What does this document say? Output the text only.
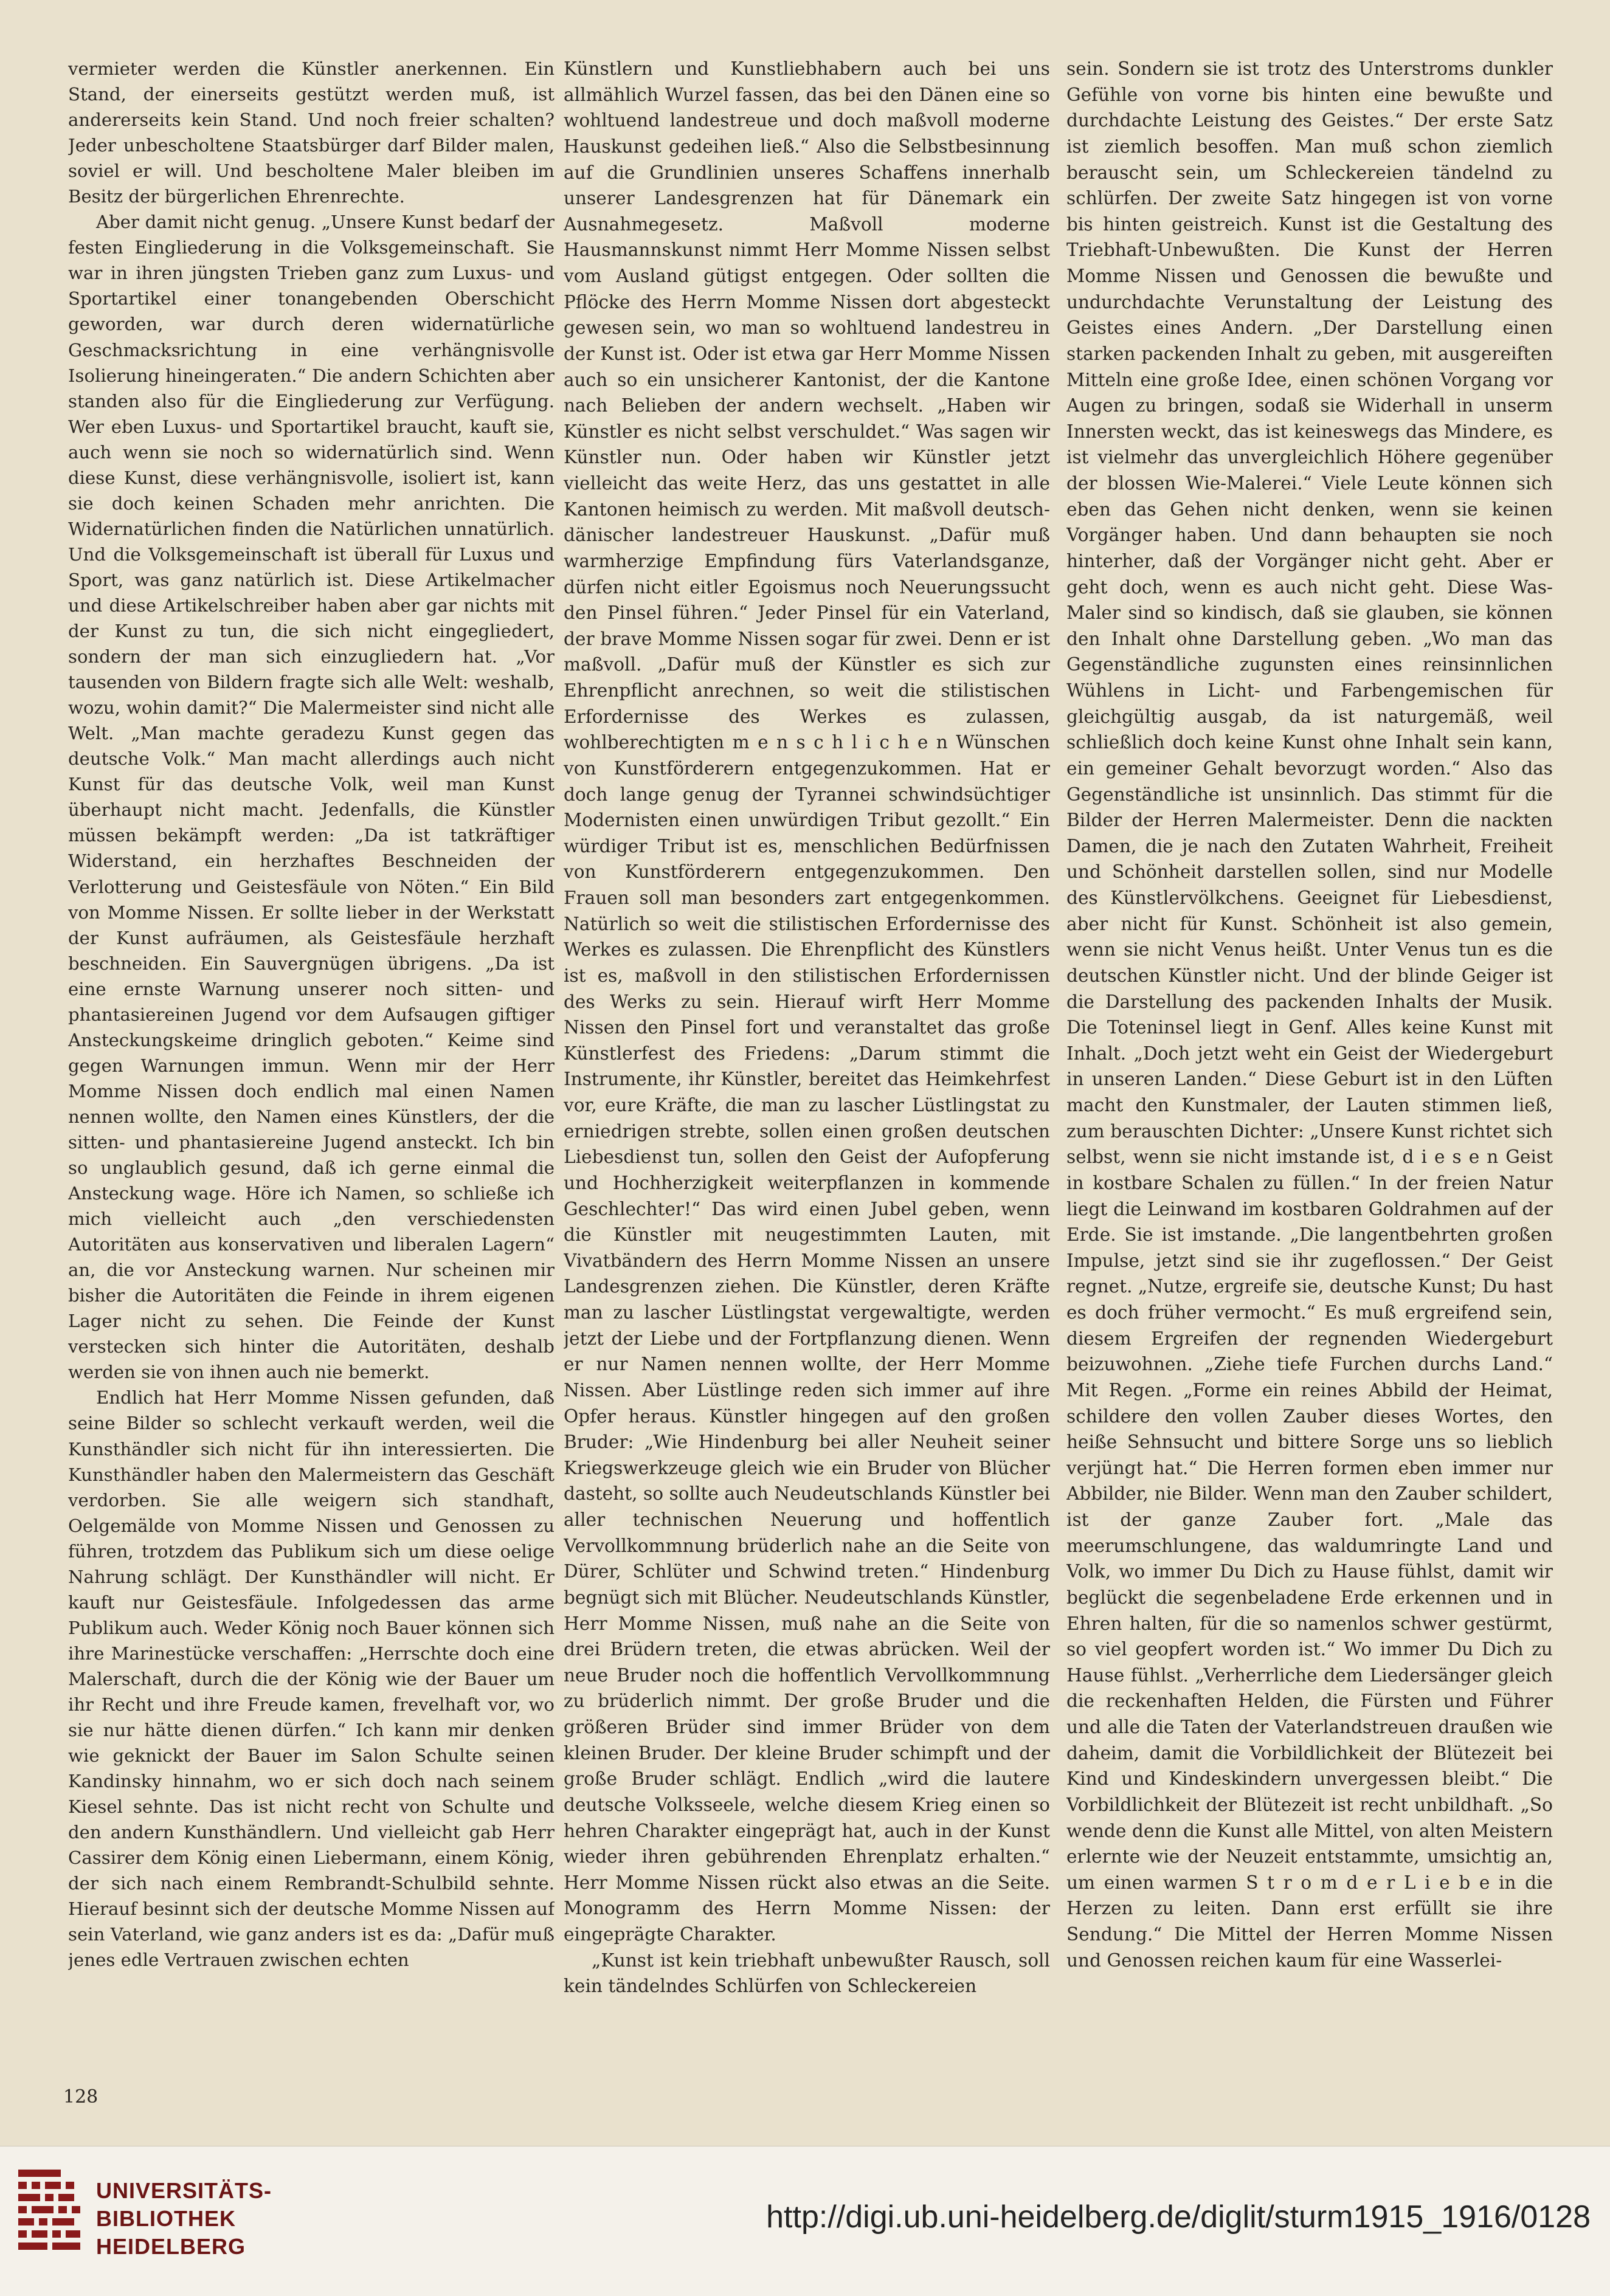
vermieter werden die Künstler anerkennen. Ein Stand, der einerseits gestützt werden muß, ist andererseits kein Stand. Und noch freier schalten? Jeder unbescholtene Staatsbürger darf Bilder malen, soviel er will. Und bescholtene Maler bleiben im Besitz der bürgerlichen Ehrenrechte.

Aber damit nicht genug. „Unsere Kunst bedarf der festen Eingliederung in die Volksgemeinschaft. Sie war in ihren jüngsten Trieben ganz zum Luxus- und Sportartikel einer tonangebenden Oberschicht geworden, war durch deren widernatürliche Geschmacksrichtung in eine verhängnisvolle Isolierung hineingeraten.“ Die andern Schichten aber standen also für die Eingliederung zur Verfügung. Wer eben Luxus- und Sportartikel braucht, kauft sie, auch wenn sie noch so widernatürlich sind. Wenn diese Kunst, diese verhängnisvolle, isoliert ist, kann sie doch keinen Schaden mehr anrichten. Die Widernatürlichen finden die Natürlichen unnatürlich. Und die Volksgemeinschaft ist überall für Luxus und Sport, was ganz natürlich ist. Diese Artikelmacher und diese Artikelschreiber haben aber gar nichts mit der Kunst zu tun, die sich nicht eingegliedert, sondern der man sich einzugliedern hat. „Vor tausenden von Bildern fragte sich alle Welt: weshalb, wozu, wohin damit?“ Die Malermeister sind nicht alle Welt. „Man machte geradezu Kunst gegen das deutsche Volk.“ Man macht allerdings auch nicht Kunst für das deutsche Volk, weil man Kunst überhaupt nicht macht. Jedenfalls, die Künstler müssen bekämpft werden: „Da ist tatkräftiger Widerstand, ein herzhaftes Beschneiden der Verlotterung und Geistesfäule von Nöten.“ Ein Bild von Momme Nissen. Er sollte lieber in der Werkstatt der Kunst aufräumen, als Geistesfäule herzhaft beschneiden. Ein Sauvergnügen übrigens. „Da ist eine ernste Warnung unserer noch sitten- und phantasiereinen Jugend vor dem Aufsaugen giftiger Ansteckungskeime dringlich geboten.“ Keime sind gegen Warnungen immun. Wenn mir der Herr Momme Nissen doch endlich mal einen Namen nennen wollte, den Namen eines Künstlers, der die sitten- und phantasiereine Jugend ansteckt. Ich bin so unglaublich gesund, daß ich gerne einmal die Ansteckung wage. Höre ich Namen, so schließe ich mich vielleicht auch „den verschiedensten Autoritäten aus konservativen und liberalen Lagern“ an, die vor Ansteckung warnen. Nur scheinen mir bisher die Autoritäten die Feinde in ihrem eigenen Lager nicht zu sehen. Die Feinde der Kunst verstecken sich hinter die Autoritäten, deshalb werden sie von ihnen auch nie bemerkt.

Endlich hat Herr Momme Nissen gefunden, daß seine Bilder so schlecht verkauft werden, weil die Kunsthändler sich nicht für ihn interessierten. Die Kunsthändler haben den Malermeistern das Geschäft verdorben. Sie alle weigern sich standhaft, Oelgemälde von Momme Nissen und Genossen zu führen, trotzdem das Publikum sich um diese oelige Nahrung schlägt. Der Kunsthändler will nicht. Er kauft nur Geistesfäule. Infolgedessen das arme Publikum auch. Weder König noch Bauer können sich ihre Marinestücke verschaffen: „Herrschte doch eine Malerschaft, durch die der König wie der Bauer um ihr Recht und ihre Freude kamen, frevelhaft vor, wo sie nur hätte dienen dürfen.“ Ich kann mir denken wie geknickt der Bauer im Salon Schulte seinen Kandinsky hinnahm, wo er sich doch nach seinem Kiesel sehnte. Das ist nicht recht von Schulte und den andern Kunsthändlern. Und vielleicht gab Herr Cassirer dem König einen Liebermann, einem König, der sich nach einem Rembrandt-Schulbild sehnte. Hierauf besinnt sich der deutsche Momme Nissen auf sein Vaterland, wie ganz anders ist es da: „Dafür muß jenes edle Vertrauen zwischen echten

Künstlern und Kunstliebhabern auch bei uns allmählich Wurzel fassen, das bei den Dänen eine so wohltuend landestreue und doch maßvoll moderne Hauskunst gedeihen ließ.“ Also die Selbstbesinnung auf die Grundlinien unseres Schaffens innerhalb unserer Landesgrenzen hat für Dänemark ein Ausnahmegesetz. Maßvoll moderne Hausmannskunst nimmt Herr Momme Nissen selbst vom Ausland gütigst entgegen. Oder sollten die Pflöcke des Herrn Momme Nissen dort abgesteckt gewesen sein, wo man so wohltuend landestreu in der Kunst ist. Oder ist etwa gar Herr Momme Nissen auch so ein unsicherer Kantonist, der die Kantone nach Belieben der andern wechselt. „Haben wir Künstler es nicht selbst verschuldet.“ Was sagen wir Künstler nun. Oder haben wir Künstler jetzt vielleicht das weite Herz, das uns gestattet in alle Kantonen heimisch zu werden. Mit maßvoll deutsch-dänischer landestreuer Hauskunst. „Dafür muß warmherzige Empfindung fürs Vaterlandsganze, dürfen nicht eitler Egoismus noch Neuerungssucht den Pinsel führen.“ Jeder Pinsel für ein Vaterland, der brave Momme Nissen sogar für zwei. Denn er ist maßvoll. „Dafür muß der Künstler es sich zur Ehrenpflicht anrechnen, so weit die stilistischen Erfordernisse des Werkes es zulassen, wohlberechtigten m e n s c h l i c h e n Wünschen von Kunstförderern entgegenzukommen. Hat er doch lange genug der Tyrannei schwindsüchtiger Modernisten einen unwürdigen Tribut gezollt.“ Ein würdiger Tribut ist es, menschlichen Bedürfnissen von Kunstförderern entgegenzukommen. Den Frauen soll man besonders zart entgegenkommen. Natürlich so weit die stilistischen Erfordernisse des Werkes es zulassen. Die Ehrenpflicht des Künstlers ist es, maßvoll in den stilistischen Erfordernissen des Werks zu sein. Hierauf wirft Herr Momme Nissen den Pinsel fort und veranstaltet das große Künstlerfest des Friedens: „Darum stimmt die Instrumente, ihr Künstler, bereitet das Heimkehrfest vor, eure Kräfte, die man zu lascher Lüstlingstat zu erniedrigen strebte, sollen einen großen deutschen Liebesdienst tun, sollen den Geist der Aufopferung und Hochherzigkeit weiterpflanzen in kommende Geschlechter!“ Das wird einen Jubel geben, wenn die Künstler mit neugestimmten Lauten, mit Vivatbändern des Herrn Momme Nissen an unsere Landesgrenzen ziehen. Die Künstler, deren Kräfte man zu lascher Lüstlingstat vergewaltigte, werden jetzt der Liebe und der Fortpflanzung dienen. Wenn er nur Namen nennen wollte, der Herr Momme Nissen. Aber Lüstlinge reden sich immer auf ihre Opfer heraus. Künstler hingegen auf den großen Bruder: „Wie Hindenburg bei aller Neuheit seiner Kriegswerkzeuge gleich wie ein Bruder von Blücher dasteht, so sollte auch Neudeutschlands Künstler bei aller technischen Neuerung und hoffentlich Vervollkommnung brüderlich nahe an die Seite von Dürer, Schlüter und Schwind treten.“ Hindenburg begnügt sich mit Blücher. Neudeutschlands Künstler, Herr Momme Nissen, muß nahe an die Seite von drei Brüdern treten, die etwas abrücken. Weil der neue Bruder noch die hoffentlich Vervollkommnung zu brüderlich nimmt. Der große Bruder und die größeren Brüder sind immer Brüder von dem kleinen Bruder. Der kleine Bruder schimpft und der große Bruder schlägt. Endlich „wird die lautere deutsche Volksseele, welche diesem Krieg einen so hehren Charakter eingeprägt hat, auch in der Kunst wieder ihren gebührenden Ehrenplatz erhalten.“ Herr Momme Nissen rückt also etwas an die Seite. Monogramm des Herrn Momme Nissen: der eingeprägte Charakter.

„Kunst ist kein triebhaft unbewußter Rausch, soll kein tändelndes Schlürfen von Schleckereien

sein. Sondern sie ist trotz des Unterstroms dunkler Gefühle von vorne bis hinten eine bewußte und durchdachte Leistung des Geistes.“ Der erste Satz ist ziemlich besoffen. Man muß schon ziemlich berauscht sein, um Schleckereien tändelnd zu schlürfen. Der zweite Satz hingegen ist von vorne bis hinten geistreich. Kunst ist die Gestaltung des Triebhaft-Unbewußten. Die Kunst der Herren Momme Nissen und Genossen die bewußte und undurchdachte Verunstaltung der Leistung des Geistes eines Andern. „Der Darstellung einen starken packenden Inhalt zu geben, mit ausgereiften Mitteln eine große Idee, einen schönen Vorgang vor Augen zu bringen, sodaß sie Widerhall in unserm Innersten weckt, das ist keineswegs das Mindere, es ist vielmehr das unvergleichlich Höhere gegenüber der blossen Wie-Malerei.“ Viele Leute können sich eben das Gehen nicht denken, wenn sie keinen Vorgänger haben. Und dann behaupten sie noch hinterher, daß der Vorgänger nicht geht. Aber er geht doch, wenn es auch nicht geht. Diese Was-Maler sind so kindisch, daß sie glauben, sie können den Inhalt ohne Darstellung geben. „Wo man das Gegenständliche zugunsten eines reinsinnlichen Wühlens in Licht- und Farbengemischen für gleichgültig ausgab, da ist naturgemäß, weil schließlich doch keine Kunst ohne Inhalt sein kann, ein gemeiner Gehalt bevorzugt worden.“ Also das Gegenständliche ist unsinnlich. Das stimmt für die Bilder der Herren Malermeister. Denn die nackten Damen, die je nach den Zutaten Wahrheit, Freiheit und Schönheit darstellen sollen, sind nur Modelle des Künstlervölkchens. Geeignet für Liebesdienst, aber nicht für Kunst. Schönheit ist also gemein, wenn sie nicht Venus heißt. Unter Venus tun es die deutschen Künstler nicht. Und der blinde Geiger ist die Darstellung des packenden Inhalts der Musik. Die Toteninsel liegt in Genf. Alles keine Kunst mit Inhalt. „Doch jetzt weht ein Geist der Wiedergeburt in unseren Landen.“ Diese Geburt ist in den Lüften macht den Kunstmaler, der Lauten stimmen ließ, zum berauschten Dichter: „Unsere Kunst richtet sich selbst, wenn sie nicht imstande ist, d i e s e n Geist in kostbare Schalen zu füllen.“ In der freien Natur liegt die Leinwand im kostbaren Goldrahmen auf der Erde. Sie ist imstande. „Die langentbehrten großen Impulse, jetzt sind sie ihr zugeflossen.“ Der Geist regnet. „Nutze, ergreife sie, deutsche Kunst; Du hast es doch früher vermocht.“ Es muß ergreifend sein, diesem Ergreifen der regnenden Wiedergeburt beizuwohnen. „Ziehe tiefe Furchen durchs Land.“ Mit Regen. „Forme ein reines Abbild der Heimat, schildere den vollen Zauber dieses Wortes, den heiße Sehnsucht und bittere Sorge uns so lieblich verjüngt hat.“ Die Herren formen eben immer nur Abbilder, nie Bilder. Wenn man den Zauber schildert, ist der ganze Zauber fort. „Male das meerumschlungene, das waldumringte Land und Volk, wo immer Du Dich zu Hause fühlst, damit wir beglückt die segenbeladene Erde erkennen und in Ehren halten, für die so namenlos schwer gestürmt, so viel geopfert worden ist.“ Wo immer Du Dich zu Hause fühlst. „Verherrliche dem Liedersänger gleich die reckenhaften Helden, die Fürsten und Führer und alle die Taten der Vaterlandstreuen draußen wie daheim, damit die Vorbildlichkeit der Blütezeit bei Kind und Kindeskindern unvergessen bleibt.“ Die Vorbildlichkeit der Blütezeit ist recht unbildhaft. „So wende denn die Kunst alle Mittel, von alten Meistern erlernte wie der Neuzeit entstammte, umsichtig an, um einen warmen S t r o m d e r L i e b e in die Herzen zu leiten. Dann erst erfüllt sie ihre Sendung.“ Die Mittel der Herren Momme Nissen und Genossen reichen kaum für eine Wasserlei-

128
UNIVERSITÄTS-
BIBLIOTHEK
HEIDELBERG
http://digi.ub.uni-heidelberg.de/diglit/sturm1915_1916/0128
